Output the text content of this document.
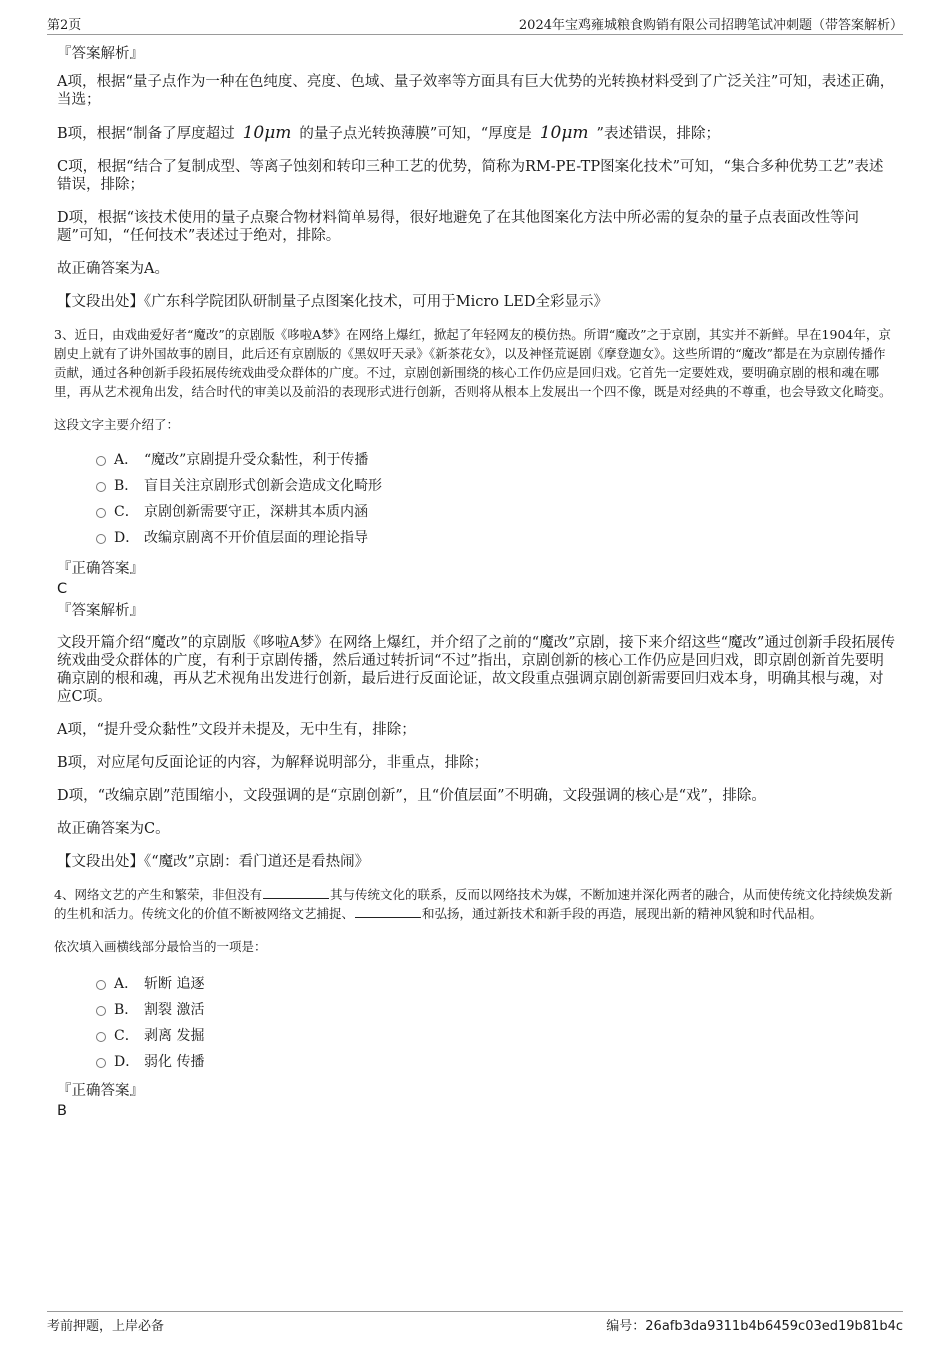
第2页	2024年宝鸡雍城粮食购销有限公司招聘笔试冲刺题（带答案解析）
『答案解析』

A项，根据“量子点作为一种在色纯度、亮度、色域、量子效率等方面具有巨大优势的光转换材料受到了广泛关注”可知，表述正确，当选；

B项，根据“制备了厚度超过 10μm 的量子点光转换薄膜”可知，“厚度是 10μm ”表述错误，排除；

C项，根据“结合了复制成型、等离子蚀刻和转印三种工艺的优势，简称为RM-PE-TP图案化技术”可知，“集合多种优势工艺”表述错误，排除；

D项，根据“该技术使用的量子点聚合物材料简单易得，很好地避免了在其他图案化方法中所必需的复杂的量子点表面改性等问题”可知，“任何技术”表述过于绝对，排除。

故正确答案为A。

【文段出处】《广东科学院团队研制量子点图案化技术，可用于Micro LED全彩显示》

3、近日，由戏曲爱好者“魔改”的京剧版《哆啦A梦》在网络上爆红，掀起了年轻网友的模仿热。所谓“魔改”之于京剧，其实并不新鲜。早在1904年，京剧史上就有了讲外国故事的剧目，此后还有京剧版的《黑奴吁天录》《新茶花女》，以及神怪荒诞剧《摩登迦女》。这些所谓的“魔改”都是在为京剧传播作贡献，通过各种创新手段拓展传统戏曲受众群体的广度。不过，京剧创新围绕的核心工作仍应是回归戏。它首先一定要姓戏，要明确京剧的根和魂在哪里，再从艺术视角出发，结合时代的审美以及前沿的表现形式进行创新，否则将从根本上发展出一个四不像，既是对经典的不尊重，也会导致文化畸变。

这段文字主要介绍了：

A． “魔改”京剧提升受众黏性，利于传播
B． 盲目关注京剧形式创新会造成文化畸形
C． 京剧创新需要守正，深耕其本质内涵
D． 改编京剧离不开价值层面的理论指导
『正确答案』
C
『答案解析』

文段开篇介绍“魔改”的京剧版《哆啦A梦》在网络上爆红，并介绍了之前的“魔改”京剧，接下来介绍这些“魔改”通过创新手段拓展传统戏曲受众群体的广度，有利于京剧传播，然后通过转折词“不过”指出，京剧创新的核心工作仍应是回归戏，即京剧创新首先要明确京剧的根和魂，再从艺术视角出发进行创新，最后进行反面论证，故文段重点强调京剧创新需要回归戏本身，明确其根与魂，对应C项。

A项，“提升受众黏性”文段并未提及，无中生有，排除；

B项，对应尾句反面论证的内容，为解释说明部分，非重点，排除；

D项，“改编京剧”范围缩小，文段强调的是“京剧创新”，且“价值层面”不明确，文段强调的核心是“戏”，排除。

故正确答案为C。

【文段出处】《“魔改”京剧：看门道还是看热闹》

4、网络文艺的产生和繁荣，非但没有	其与传统文化的联系，反而以网络技术为媒，不断加速并深化两者的融合，从而使传统文化持续焕发新的生机和活力。传统文化的价值不断被网络文艺捕捉、	和弘扬，通过新技术和新手段的再造，展现出新的精神风貌和时代品相。

依次填入画横线部分最恰当的一项是：

A． 斩断 追逐
B． 割裂 激活
C． 剥离 发掘
D． 弱化 传播
『正确答案』
B
考前押题，上岸必备	编号：26afb3da9311b4b6459c03ed19b81b4c
